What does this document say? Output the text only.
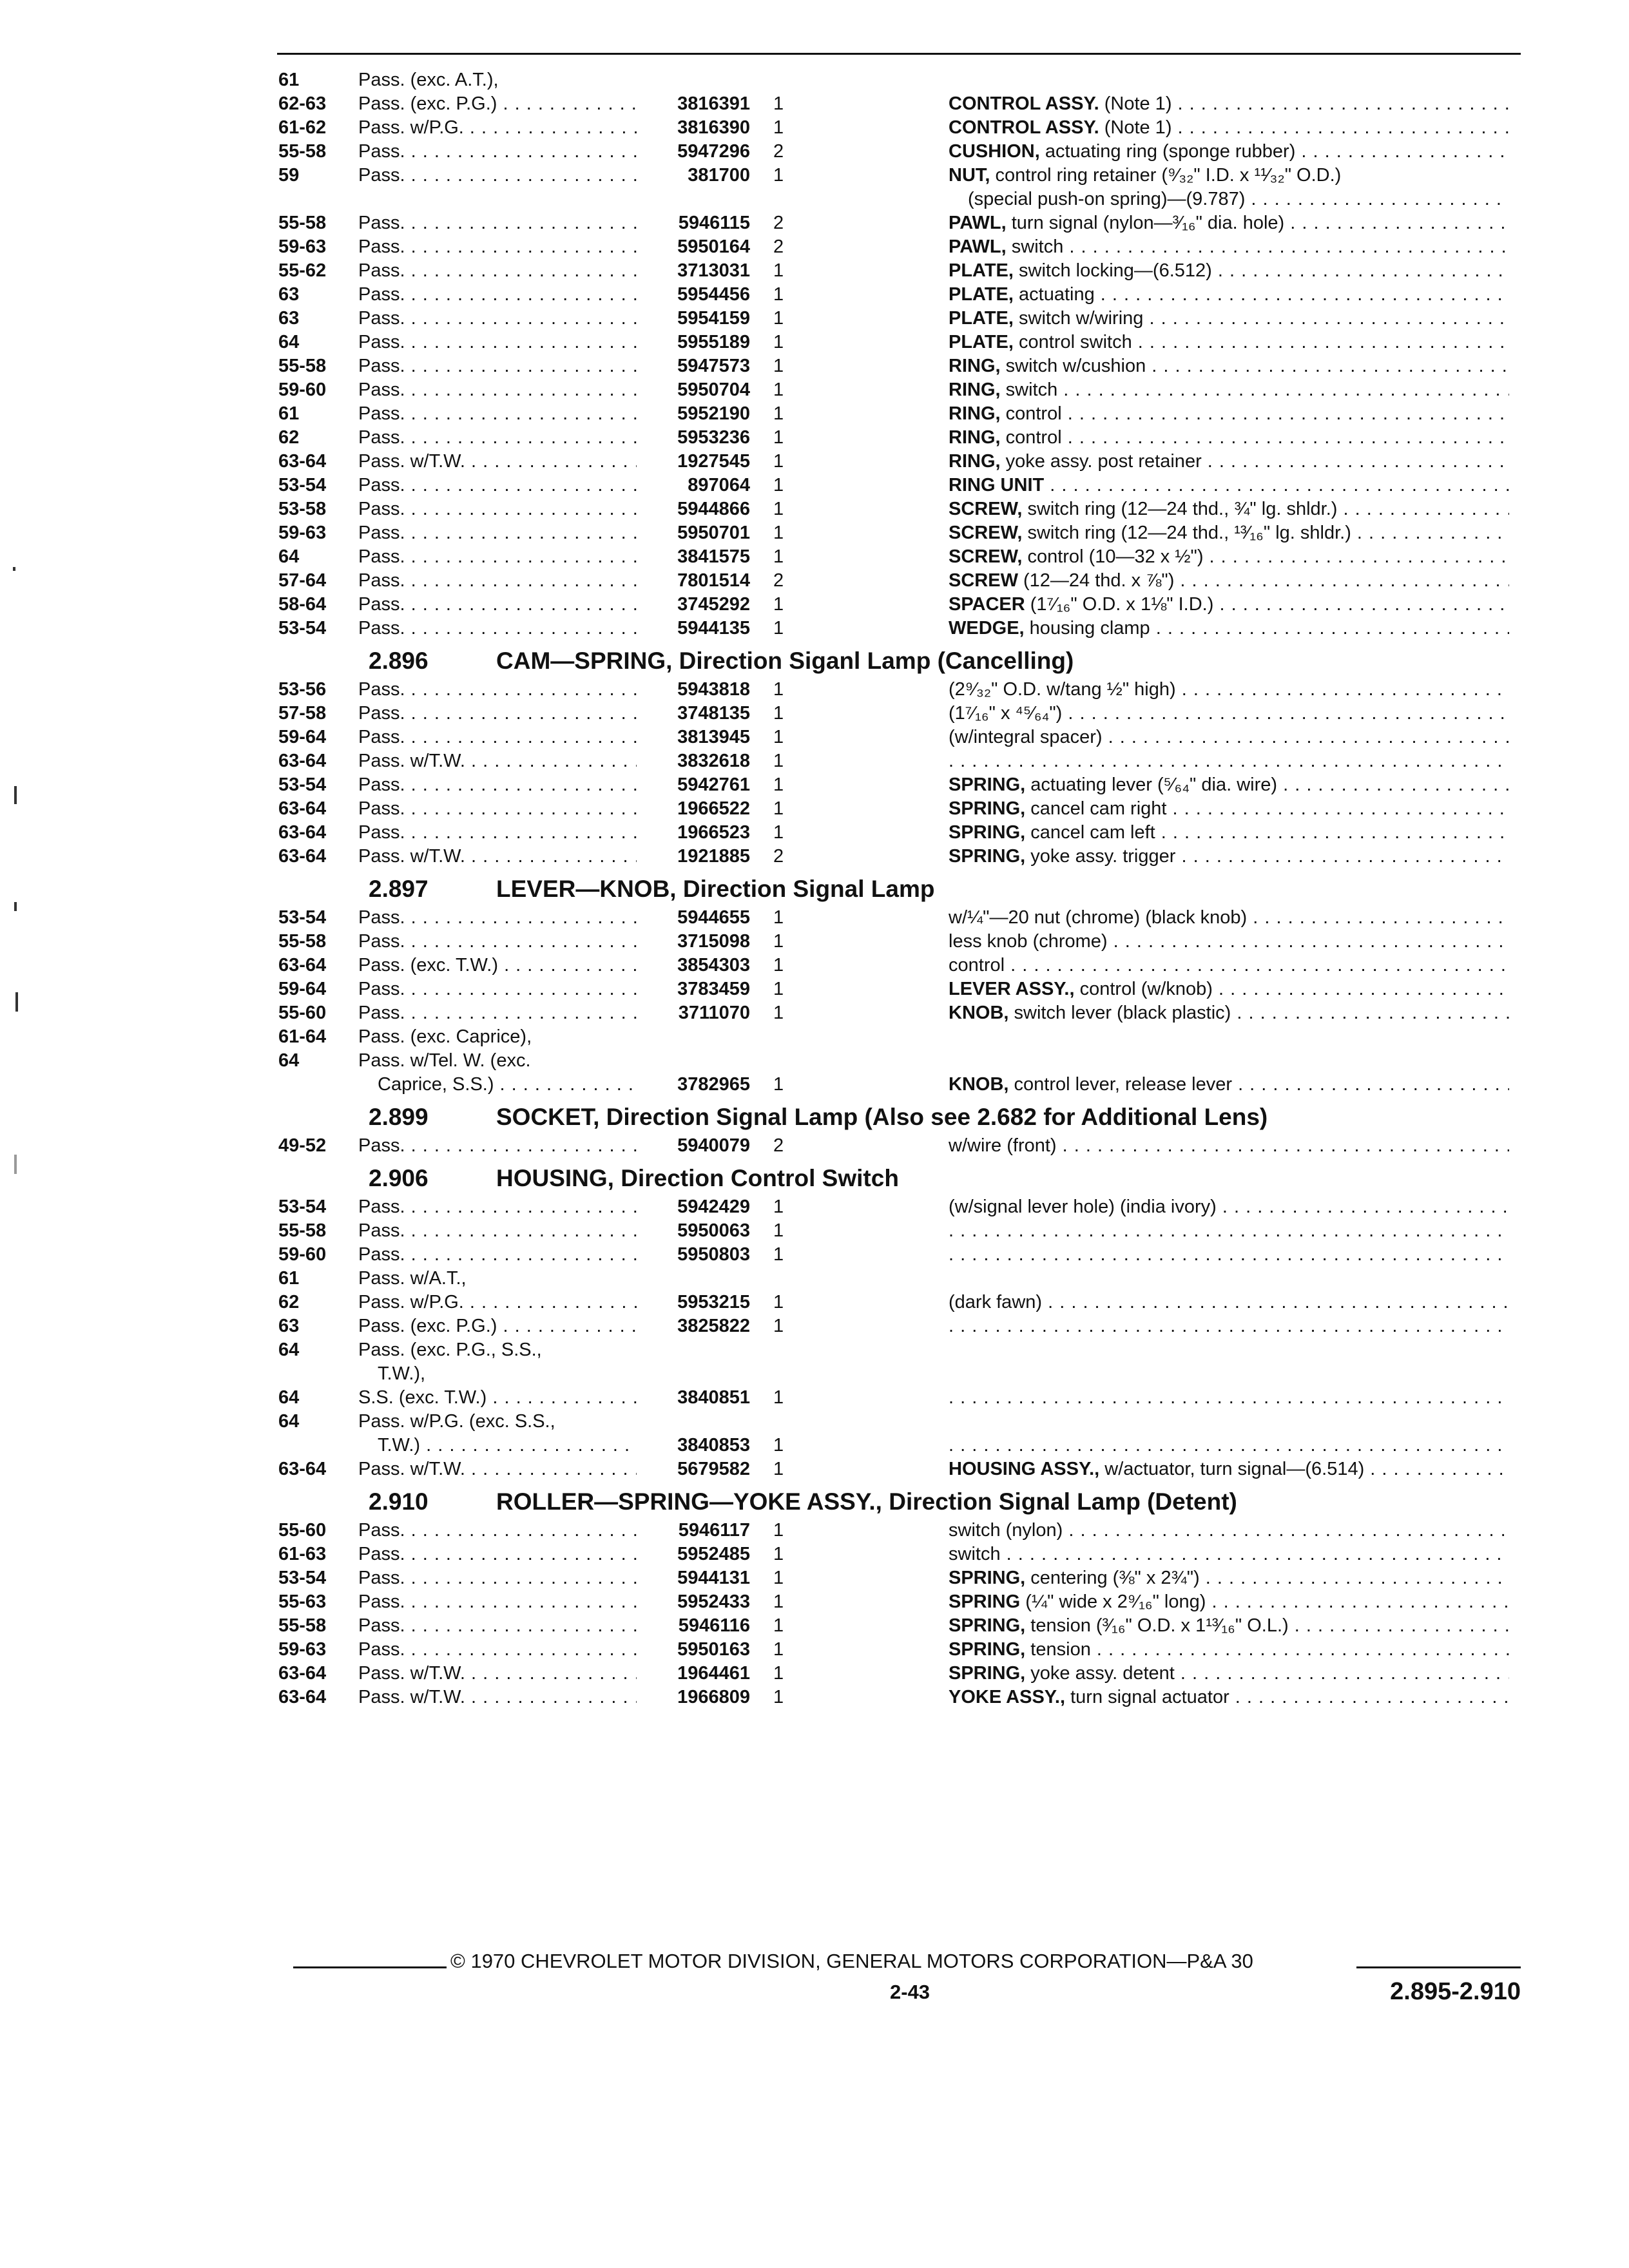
61	Pass. (exc. A.T.),
62-63	Pass. (exc. P.G.) . . .	3816391 1	CONTROL ASSY. (Note 1) . . .
61-62	Pass. w/P.G. . . .	3816390 1	CONTROL ASSY. (Note 1) . . .
55-58	Pass. . . .	5947296 2	CUSHION, actuating ring (sponge rubber) . . .
59	Pass. . . .	381700 1	NUT, control ring retainer (⁹⁄₃₂" I.D. x ¹¹⁄₃₂" O.D.)
(special push-on spring)—(9.787) . . .
55-58	Pass. . . .	5946115 2	PAWL, turn signal (nylon—³⁄₁₆" dia. hole) . . .
59-63	Pass. . . .	5950164 2	PAWL, switch . . .
55-62	Pass. . . .	3713031 1	PLATE, switch locking—(6.512) . . .
63	Pass. . . .	5954456 1	PLATE, actuating . . .
63	Pass. . . .	5954159 1	PLATE, switch w/wiring . . .
64	Pass. . . .	5955189 1	PLATE, control switch . . .
55-58	Pass. . . .	5947573 1	RING, switch w/cushion . . .
59-60	Pass. . . .	5950704 1	RING, switch . . .
61	Pass. . . .	5952190 1	RING, control . . .
62	Pass. . . .	5953236 1	RING, control . . .
63-64	Pass. w/T.W. . . .	1927545 1	RING, yoke assy. post retainer . . .
53-54	Pass. . . .	897064 1	RING UNIT . . .
53-58	Pass. . . .	5944866 1	SCREW, switch ring (12—24 thd., ¾" lg. shldr.) . . .
59-63	Pass. . . .	5950701 1	SCREW, switch ring (12—24 thd., ¹³⁄₁₆" lg. shldr.) . . .
64	Pass. . . .	3841575 1	SCREW, control (10—32 x ½") . . .
57-64	Pass. . . .	7801514 2	SCREW (12—24 thd. x ⅞") . . .
58-64	Pass. . . .	3745292 1	SPACER (1⁷⁄₁₆" O.D. x 1⅛" I.D.) . . .
53-54	Pass. . . .	5944135 1	WEDGE, housing clamp . . .
2.896	CAM—SPRING, Direction Siganl Lamp (Cancelling)
53-56	Pass. . . .	5943818 1	(2⁹⁄₃₂" O.D. w/tang ½" high) . . .
57-58	Pass. . . .	3748135 1	(1⁷⁄₁₆" x ⁴⁵⁄₆₄") . . .
59-64	Pass. . . .	3813945 1	(w/integral spacer) . . .
63-64	Pass. w/T.W. . . .	3832618 1
. . .
53-54	Pass. . . .	5942761 1	SPRING, actuating lever (⁵⁄₆₄" dia. wire) . . .
63-64	Pass. . . .	1966522 1	SPRING, cancel cam right . . .
63-64	Pass. . . .	1966523 1	SPRING, cancel cam left . . .
63-64	Pass. w/T.W. . . .	1921885 2	SPRING, yoke assy. trigger . . .
2.897	LEVER—KNOB, Direction Signal Lamp
53-54	Pass. . . .	5944655 1	w/¼"—20 nut (chrome) (black knob) . . .
55-58	Pass. . . .	3715098 1	less knob (chrome) . . .
63-64	Pass. (exc. T.W.) . . .	3854303 1	control . . .
59-64	Pass. . . .	3783459 1	LEVER ASSY., control (w/knob) . . .
55-60	Pass. . . .	3711070 1	KNOB, switch lever (black plastic) . . .
61-64	Pass. (exc. Caprice),
64	Pass. w/Tel. W. (exc.
Caprice, S.S.) . . .	3782965 1	KNOB, control lever, release lever . . .
2.899	SOCKET, Direction Signal Lamp (Also see 2.682 for Additional Lens)
49-52	Pass. . . .	5940079 2	w/wire (front) . . .
2.906	HOUSING, Direction Control Switch
53-54	Pass. . . .	5942429 1	(w/signal lever hole) (india ivory) . . .
55-58	Pass. . . .	5950063 1
. . .
59-60	Pass. . . .	5950803 1
. . .
61	Pass. w/A.T.,
62	Pass. w/P.G. . . .	5953215 1	(dark fawn) . . .
63	Pass. (exc. P.G.) . . .	3825822 1
. . .
64	Pass. (exc. P.G., S.S.,
T.W.),
64	S.S. (exc. T.W.) . . .	3840851 1
. . .
64	Pass. w/P.G. (exc. S.S.,
T.W.) . . .	3840853 1
. . .
63-64	Pass. w/T.W. . . .	5679582 1	HOUSING ASSY., w/actuator, turn signal—(6.514) . . .
2.910	ROLLER—SPRING—YOKE ASSY., Direction Signal Lamp (Detent)
55-60	Pass. . . .	5946117 1	switch (nylon) . . .
61-63	Pass. . . .	5952485 1	switch . . .
53-54	Pass. . . .	5944131 1	SPRING, centering (⅜" x 2¾") . . .
55-63	Pass. . . .	5952433 1	SPRING (¼" wide x 2⁹⁄₁₆" long) . . .
55-58	Pass. . . .	5946116 1	SPRING, tension (³⁄₁₆" O.D. x 1¹³⁄₁₆" O.L.) . . .
59-63	Pass. . . .	5950163 1	SPRING, tension . . .
63-64	Pass. w/T.W. . . .	1964461 1	SPRING, yoke assy. detent . . .
63-64	Pass. w/T.W. . . .	1966809 1	YOKE ASSY., turn signal actuator . . .
© 1970 CHEVROLET MOTOR DIVISION, GENERAL MOTORS CORPORATION—P&A 30
2-43	2.895-2.910
